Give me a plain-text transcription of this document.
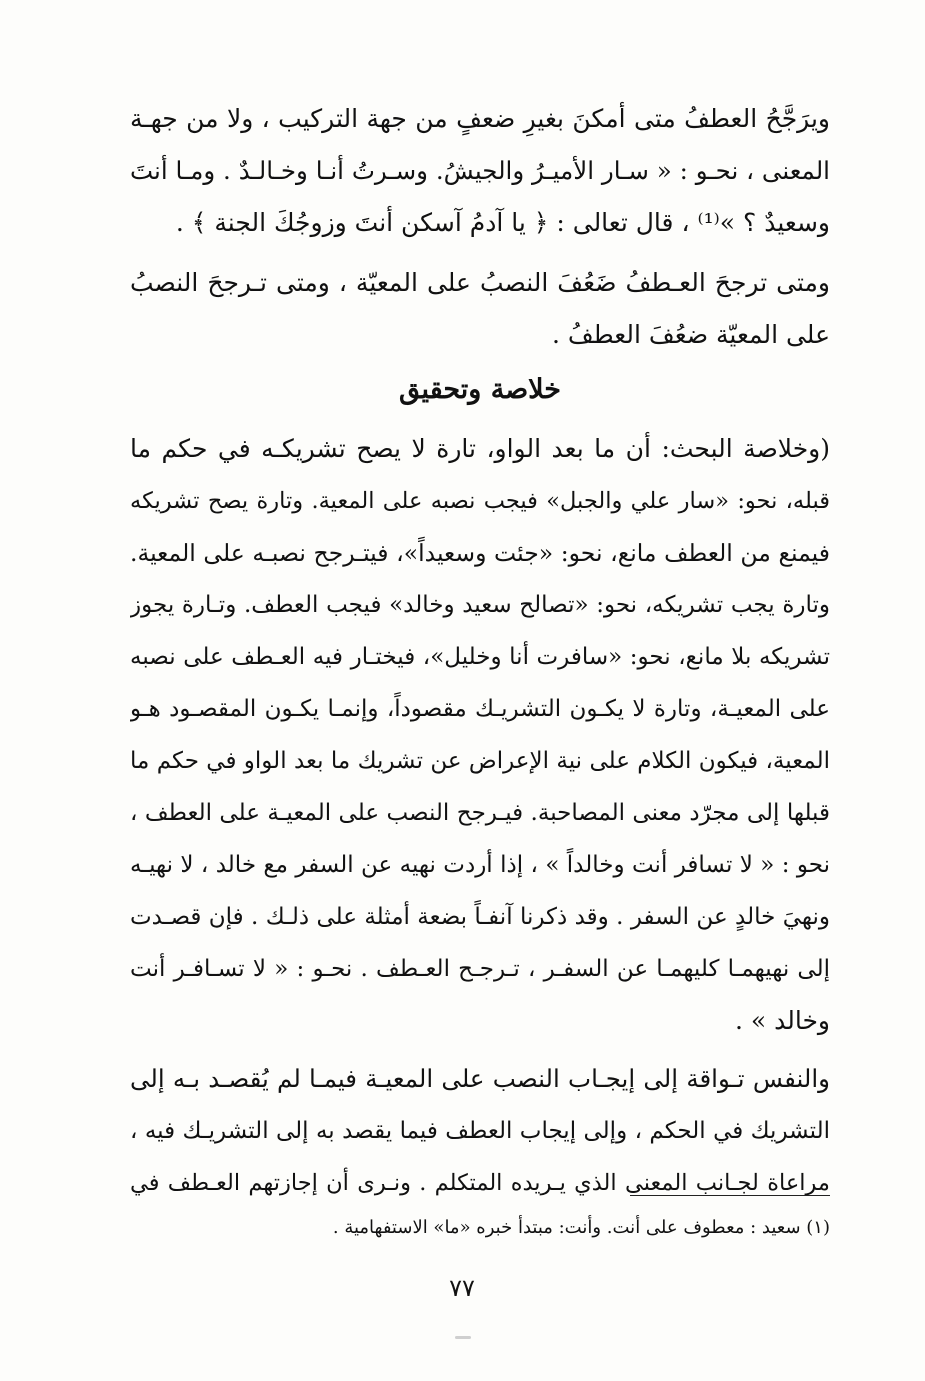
ويرَجَّحُ العطفُ متى أمكنَ بغيرِ ضعفٍ من جهة التركيب ، ولا من جهـة
المعنى ، نحـو : « سـار الأميـرُ والجيشُ. وسـرتُ أنـا وخـالـدٌ . ومـا أنتَ
وسعيدٌ ؟ »⁽¹⁾ ، قال تعالى : ﴿ يا آدمُ آسكن أنتَ وزوجُكَ الجنة ﴾ .
ومتى ترجحَ العـطفُ ضَعُفَ النصبُ على المعيّة ، ومتى تـرجحَ النصبُ
على المعيّة ضعُفَ العطفُ .
خلاصة وتحقيق
(وخلاصة البحث: أن ما بعد الواو، تارة لا يصح تشريكـه في حكم ما
قبله، نحو: «سار علي والجبل» فيجب نصبه على المعية. وتارة يصح تشريكه
فيمنع من العطف مانع، نحو: «جئت وسعيداً»، فيتـرجح نصبـه على المعية.
وتارة يجب تشريكه، نحو: «تصالح سعيد وخالد» فيجب العطف. وتـارة يجوز
تشريكه بلا مانع، نحو: «سافرت أنا وخليل»، فيختـار فيه العـطف على نصبه
على المعيـة، وتارة لا يكـون التشريـك مقصوداً، وإنمـا يكـون المقصـود هـو
المعية، فيكون الكلام على نية الإعراض عن تشريك ما بعد الواو في حكم ما
قبلها إلى مجرّد معنى المصاحبة. فيـرجح النصب على المعيـة على العطف ،
نحو : « لا تسافر أنت وخالداً » ، إذا أردت نهيه عن السفر مع خالد ، لا نهيـه
ونهيَ خالدٍ عن السفر . وقد ذكرنا آنفـاً بضعة أمثلة على ذلـك . فإن قصـدت
إلى نهيهمـا كليهمـا عن السفـر ، تـرجـح العـطف . نحـو : « لا تسـافـر أنت
وخالد » .
والنفس تـواقة إلى إيجـاب النصب على المعيـة فيمـا لم يُقصـد بـه إلى
التشريك في الحكم ، وإلى إيجاب العطف فيما يقصد به إلى التشريـك فيه ،
مراعاة لجـانب المعنى الذي يـريده المتكلم . ونـرى أن إجازتهم العـطف في
(١) سعيد : معطوف على أنت. وأنت: مبتدأ خبره «ما» الاستفهامية .
٧٧
